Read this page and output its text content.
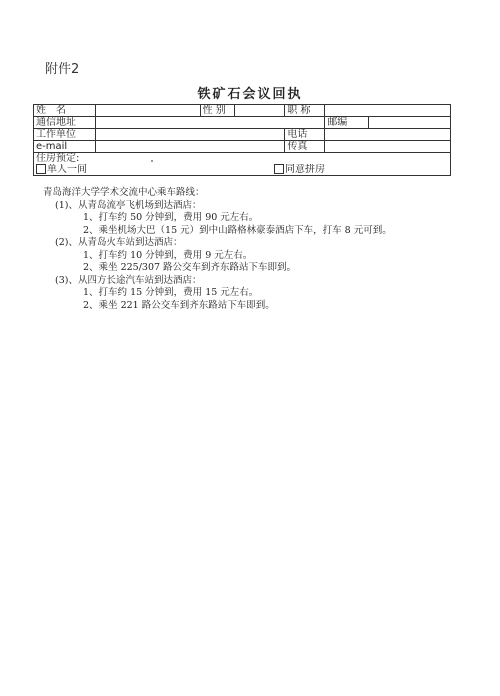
附件2
铁矿石会议回执
姓　名		性 别		职 称		
通信地址					邮编	
工作单位				电话		
e-mail				传真		
住房预定:						
单人一间 同意拼房						
青岛海洋大学学术交流中心乘车路线：
(1)、从青岛流亭飞机场到达酒店：
1、打车约 50 分钟到，费用 90 元左右。
2、乘坐机场大巴（15 元）到中山路格林豪泰酒店下车，打车 8 元可到。
(2)、从青岛火车站到达酒店：
1、打车约 10 分钟到，费用 9 元左右。
2、乘坐 225/307 路公交车到齐东路站下车即到。
(3)、从四方长途汽车站到达酒店：
1、打车约 15 分钟到，费用 15 元左右。
2、乘坐 221 路公交车到齐东路站下车即到。
